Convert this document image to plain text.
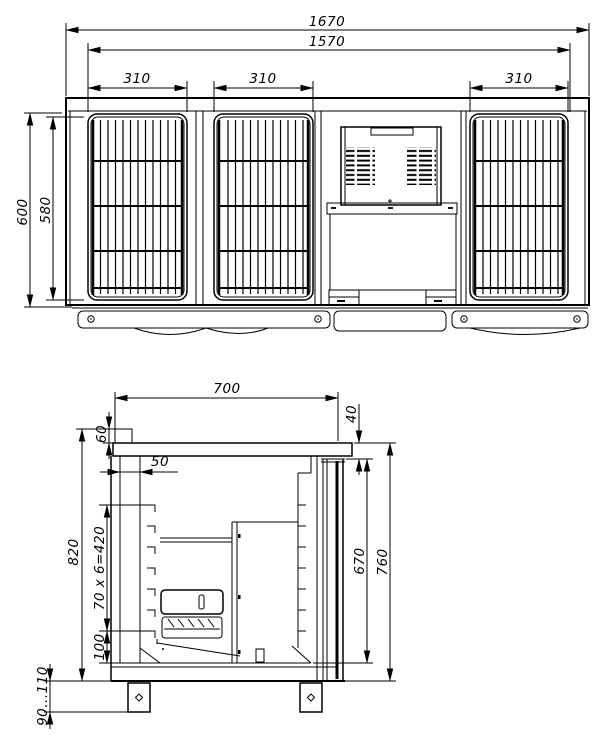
1670
1570
310	310	310
600 580
700
60
40
50
820 70 x 6=420
100
90...110
670 760
